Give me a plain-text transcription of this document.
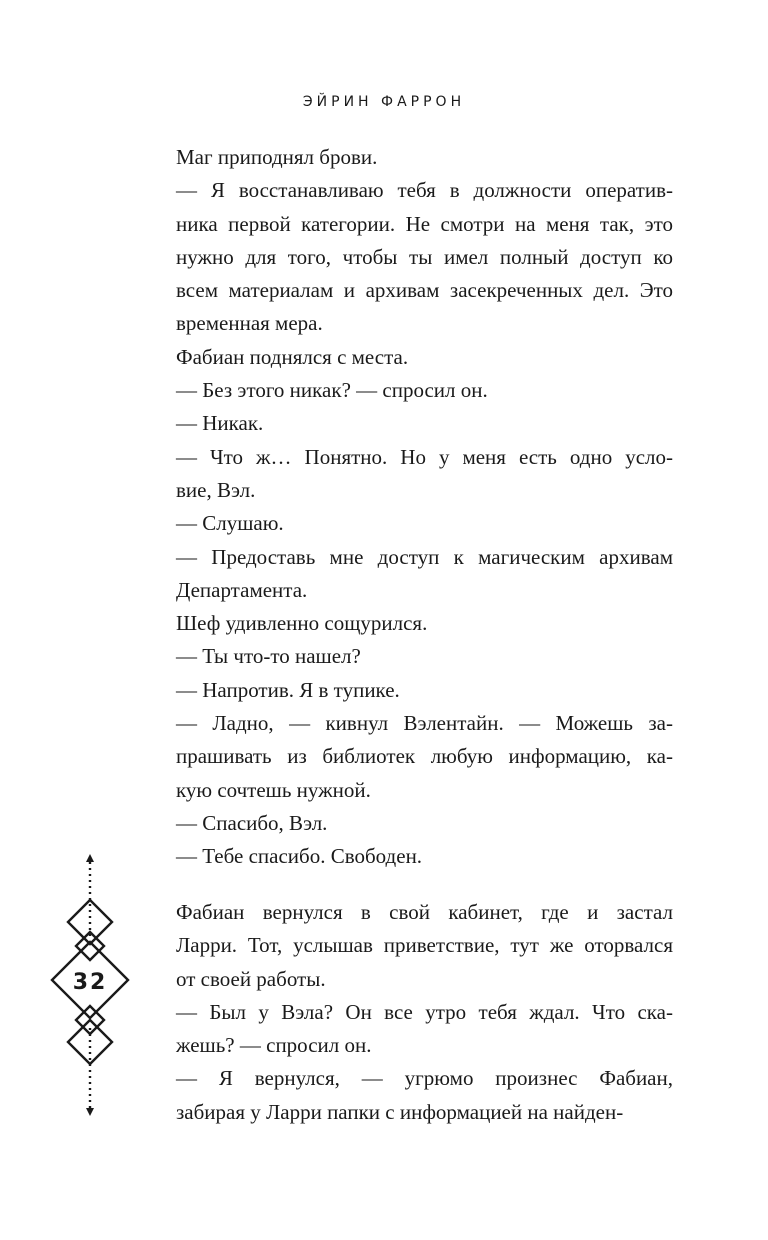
ЭЙРИН ФАРРОН
Маг приподнял брови.
— Я восстанавливаю тебя в должности оператив-
ника первой категории. Не смотри на меня так, это
нужно для того, чтобы ты имел полный доступ ко
всем материалам и архивам засекреченных дел. Это
временная мера.
Фабиан поднялся с места.
— Без этого никак? — спросил он.
— Никак.
— Что ж… Понятно. Но у меня есть одно усло-
вие, Вэл.
— Слушаю.
— Предоставь мне доступ к магическим архивам
Департамента.
Шеф удивленно сощурился.
— Ты что-то нашел?
— Напротив. Я в тупике.
— Ладно, — кивнул Вэлентайн. — Можешь за-
прашивать из библиотек любую информацию, ка-
кую сочтешь нужной.
— Спасибо, Вэл.
— Тебе спасибо. Свободен.
Фабиан вернулся в свой кабинет, где и застал
Ларри. Тот, услышав приветствие, тут же оторвался
от своей работы.
— Был у Вэла? Он все утро тебя ждал. Что ска-
жешь? — спросил он.
— Я вернулся, — угрюмо произнес Фабиан,
забирая у Ларри папки с информацией на найден-
32
